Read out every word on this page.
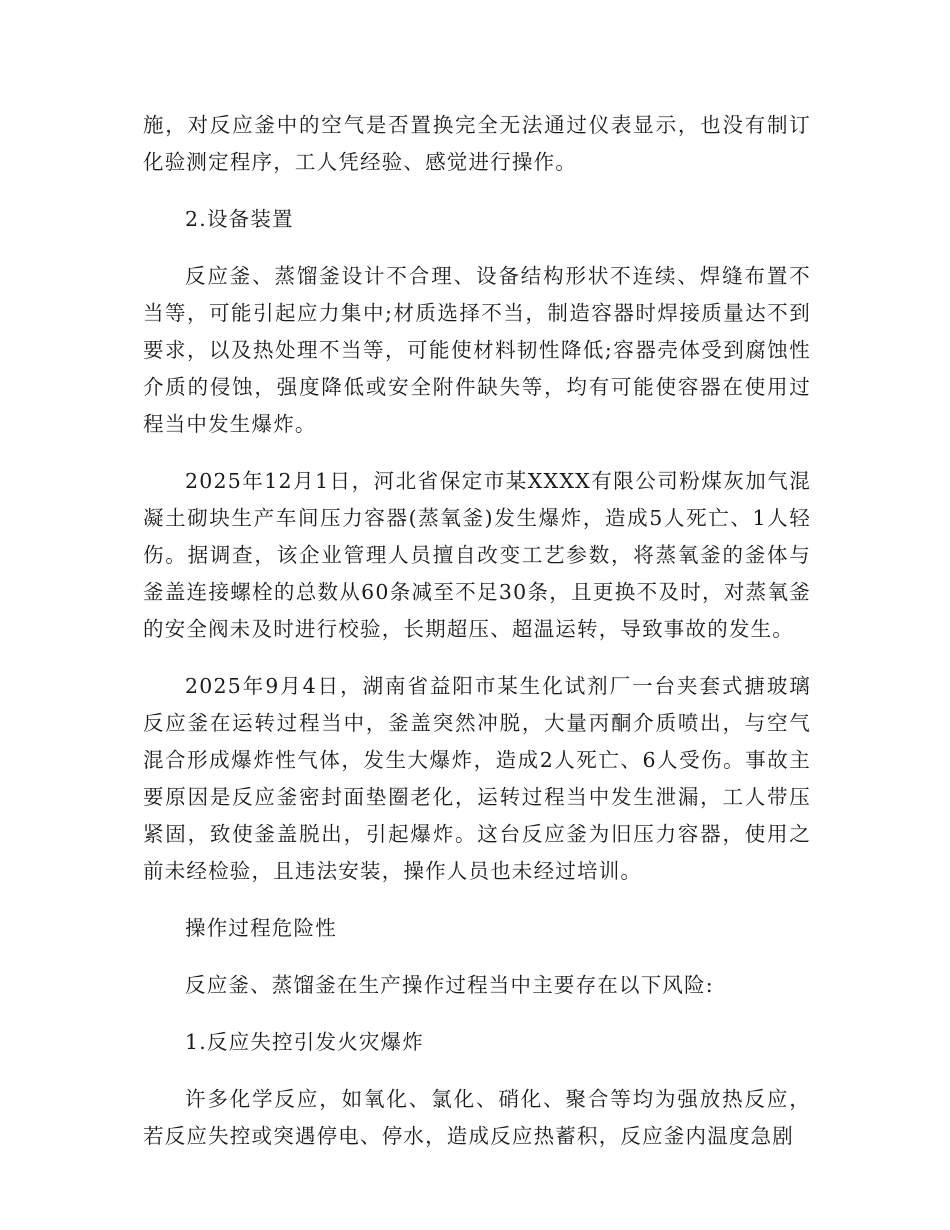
施，对反应釜中的空气是否置换完全无法通过仪表显示，也没有制订化验测定程序，工人凭经验、感觉进行操作。

2.设备装置

反应釜、蒸馏釜设计不合理、设备结构形状不连续、焊缝布置不当等，可能引起应力集中;材质选择不当，制造容器时焊接质量达不到要求，以及热处理不当等，可能使材料韧性降低;容器壳体受到腐蚀性介质的侵蚀，强度降低或安全附件缺失等，均有可能使容器在使用过程当中发生爆炸。

2025年12月1日，河北省保定市某XXXX有限公司粉煤灰加气混凝土砌块生产车间压力容器(蒸氧釜)发生爆炸，造成5人死亡、1人轻伤。据调查，该企业管理人员擅自改变工艺参数，将蒸氧釜的釜体与釜盖连接螺栓的总数从60条减至不足30条，且更换不及时，对蒸氧釜的安全阀未及时进行校验，长期超压、超温运转，导致事故的发生。

2025年9月4日，湖南省益阳市某生化试剂厂一台夹套式搪玻璃反应釜在运转过程当中，釜盖突然冲脱，大量丙酮介质喷出，与空气混合形成爆炸性气体，发生大爆炸，造成2人死亡、6人受伤。事故主要原因是反应釜密封面垫圈老化，运转过程当中发生泄漏，工人带压紧固，致使釜盖脱出，引起爆炸。这台反应釜为旧压力容器，使用之前未经检验，且违法安装，操作人员也未经过培训。

操作过程危险性

反应釜、蒸馏釜在生产操作过程当中主要存在以下风险:

1.反应失控引发火灾爆炸

许多化学反应，如氧化、氯化、硝化、聚合等均为强放热反应，若反应失控或突遇停电、停水，造成反应热蓄积，反应釜内温度急剧
